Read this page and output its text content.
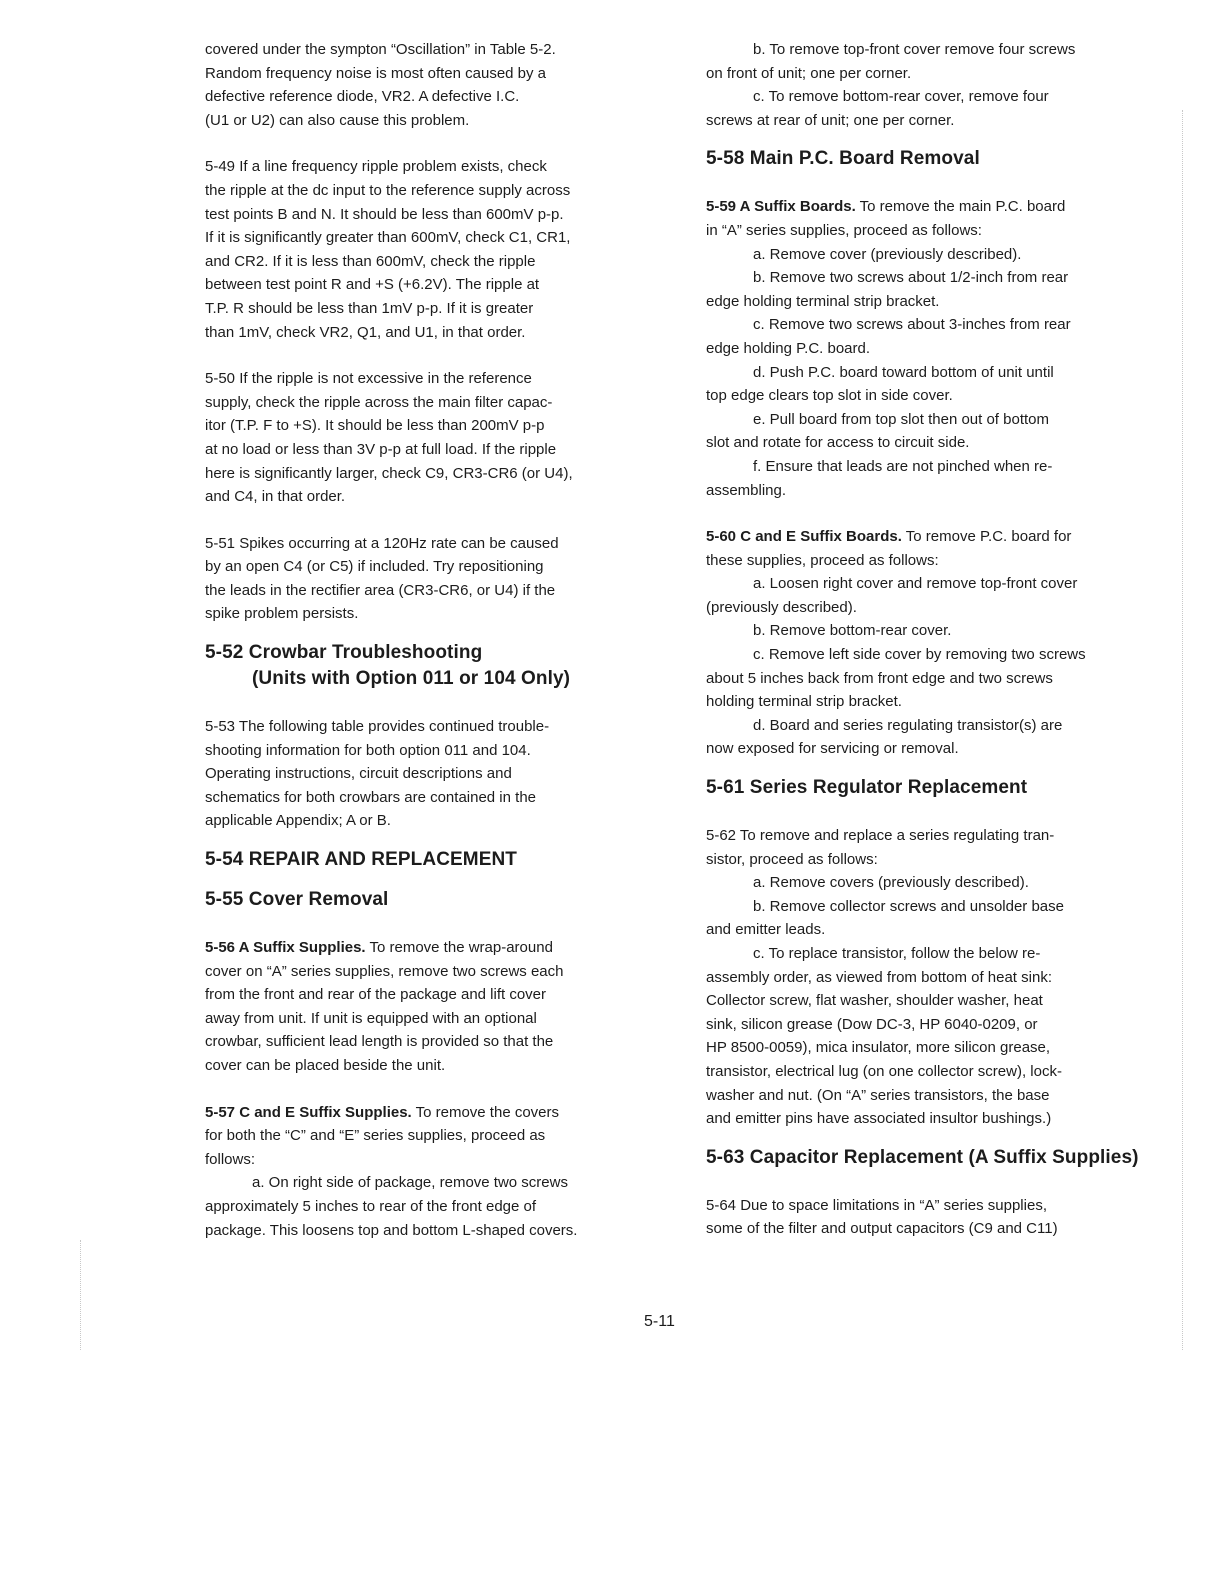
covered under the sympton “Oscillation” in Table 5-2.
Random frequency noise is most often caused by a
defective reference diode, VR2. A defective I.C.
(U1 or U2) can also cause this problem.
5-49 If a line frequency ripple problem exists, check
the ripple at the dc input to the reference supply across
test points B and N. It should be less than 600mV p-p.
If it is significantly greater than 600mV, check C1, CR1,
and CR2. If it is less than 600mV, check the ripple
between test point R and +S (+6.2V). The ripple at
T.P. R should be less than 1mV p-p. If it is greater
than 1mV, check VR2, Q1, and U1, in that order.
5-50 If the ripple is not excessive in the reference
supply, check the ripple across the main filter capac-
itor (T.P. F to +S). It should be less than 200mV p-p
at no load or less than 3V p-p at full load. If the ripple
here is significantly larger, check C9, CR3-CR6 (or U4),
and C4, in that order.
5-51 Spikes occurring at a 120Hz rate can be caused
by an open C4 (or C5) if included. Try repositioning
the leads in the rectifier area (CR3-CR6, or U4) if the
spike problem persists.
5-52 Crowbar Troubleshooting
(Units with Option 011 or 104 Only)
5-53 The following table provides continued trouble-
shooting information for both option 011 and 104.
Operating instructions, circuit descriptions and
schematics for both crowbars are contained in the
applicable Appendix; A or B.
5-54 REPAIR AND REPLACEMENT
5-55 Cover Removal
5-56 A Suffix Supplies. To remove the wrap-around
cover on “A” series supplies, remove two screws each
from the front and rear of the package and lift cover
away from unit. If unit is equipped with an optional
crowbar, sufficient lead length is provided so that the
cover can be placed beside the unit.
5-57 C and E Suffix Supplies. To remove the covers
for both the “C” and “E” series supplies, proceed as
follows:
a. On right side of package, remove two screws
approximately 5 inches to rear of the front edge of
package. This loosens top and bottom L-shaped covers.
b. To remove top-front cover remove four screws
on front of unit; one per corner.
c. To remove bottom-rear cover, remove four
screws at rear of unit; one per corner.
5-58 Main P.C. Board Removal
5-59 A Suffix Boards. To remove the main P.C. board
in “A” series supplies, proceed as follows:
a. Remove cover (previously described).
b. Remove two screws about 1/2-inch from rear
edge holding terminal strip bracket.
c. Remove two screws about 3-inches from rear
edge holding P.C. board.
d. Push P.C. board toward bottom of unit until
top edge clears top slot in side cover.
e. Pull board from top slot then out of bottom
slot and rotate for access to circuit side.
f. Ensure that leads are not pinched when re-
assembling.
5-60 C and E Suffix Boards. To remove P.C. board for
these supplies, proceed as follows:
a. Loosen right cover and remove top-front cover
(previously described).
b. Remove bottom-rear cover.
c. Remove left side cover by removing two screws
about 5 inches back from front edge and two screws
holding terminal strip bracket.
d. Board and series regulating transistor(s) are
now exposed for servicing or removal.
5-61 Series Regulator Replacement
5-62 To remove and replace a series regulating tran-
sistor, proceed as follows:
a. Remove covers (previously described).
b. Remove collector screws and unsolder base
and emitter leads.
c. To replace transistor, follow the below re-
assembly order, as viewed from bottom of heat sink:
Collector screw, flat washer, shoulder washer, heat
sink, silicon grease (Dow DC-3, HP 6040-0209, or
HP 8500-0059), mica insulator, more silicon grease,
transistor, electrical lug (on one collector screw), lock-
washer and nut. (On “A” series transistors, the base
and emitter pins have associated insultor bushings.)
5-63 Capacitor Replacement (A Suffix Supplies)
5-64 Due to space limitations in “A” series supplies,
some of the filter and output capacitors (C9 and C11)
5-11
